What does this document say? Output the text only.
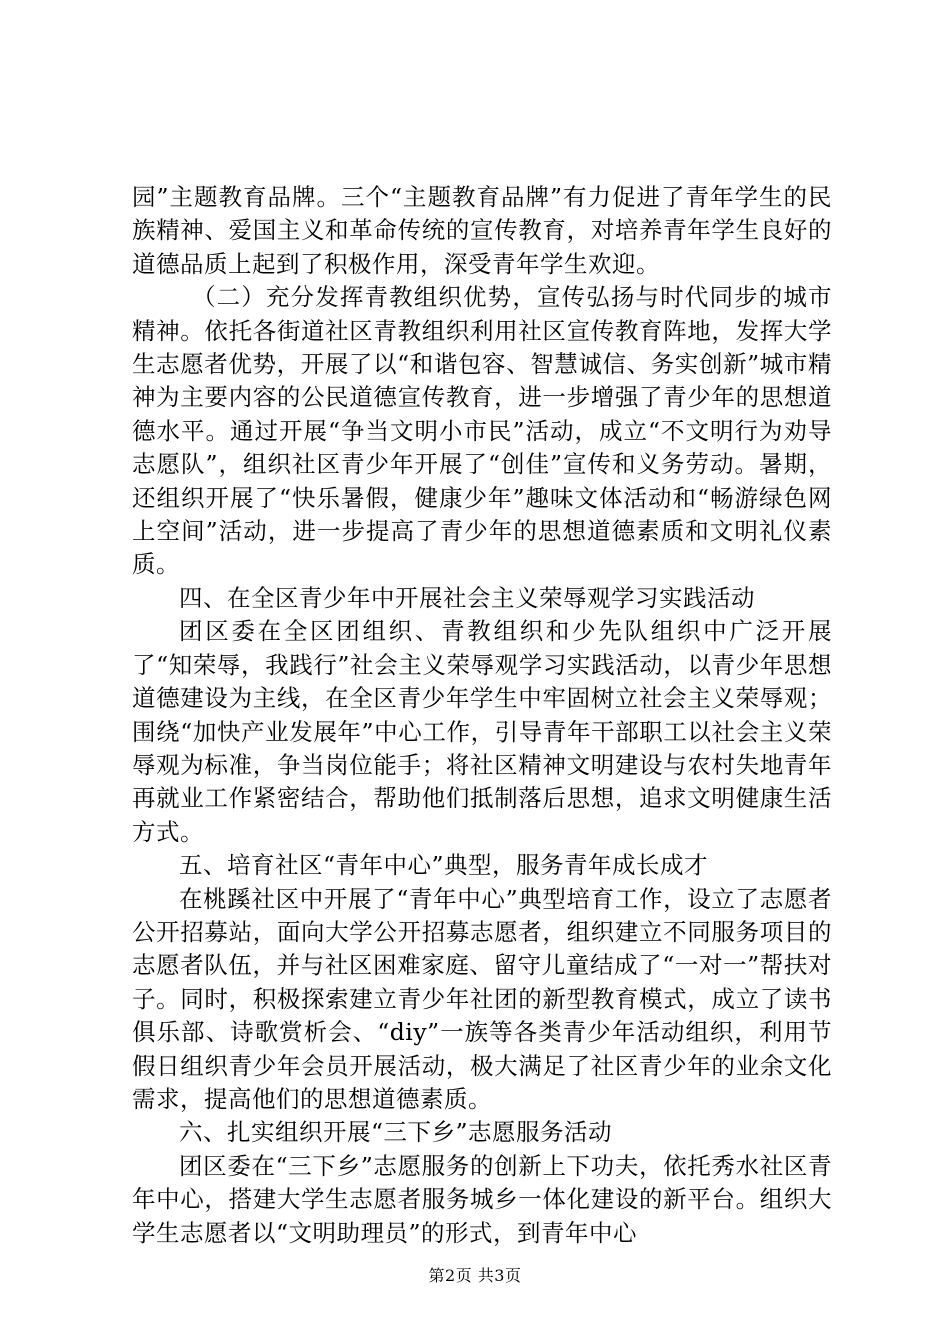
园”主题教育品牌。三个“主题教育品牌”有力促进了青年学生的民族精神、爱国主义和革命传统的宣传教育，对培养青年学生良好的道德品质上起到了积极作用，深受青年学生欢迎。

（二）充分发挥青教组织优势，宣传弘扬与时代同步的城市精神。依托各街道社区青教组织利用社区宣传教育阵地，发挥大学生志愿者优势，开展了以“和谐包容、智慧诚信、务实创新”城市精神为主要内容的公民道德宣传教育，进一步增强了青少年的思想道德水平。通过开展“争当文明小市民”活动，成立“不文明行为劝导志愿队”，组织社区青少年开展了“创佳”宣传和义务劳动。暑期，还组织开展了“快乐暑假，健康少年”趣味文体活动和“畅游绿色网上空间”活动，进一步提高了青少年的思想道德素质和文明礼仪素质。

四、在全区青少年中开展社会主义荣辱观学习实践活动

团区委在全区团组织、青教组织和少先队组织中广泛开展了“知荣辱，我践行”社会主义荣辱观学习实践活动，以青少年思想道德建设为主线，在全区青少年学生中牢固树立社会主义荣辱观；围绕“加快产业发展年”中心工作，引导青年干部职工以社会主义荣辱观为标准，争当岗位能手；将社区精神文明建设与农村失地青年再就业工作紧密结合，帮助他们抵制落后思想，追求文明健康生活方式。

五、培育社区“青年中心”典型，服务青年成长成才

在桃蹊社区中开展了“青年中心”典型培育工作，设立了志愿者公开招募站，面向大学公开招募志愿者，组织建立不同服务项目的志愿者队伍，并与社区困难家庭、留守儿童结成了“一对一”帮扶对子。同时，积极探索建立青少年社团的新型教育模式，成立了读书俱乐部、诗歌赏析会、“diy”一族等各类青少年活动组织，利用节假日组织青少年会员开展活动，极大满足了社区青少年的业余文化需求，提高他们的思想道德素质。

六、扎实组织开展“三下乡”志愿服务活动

团区委在“三下乡”志愿服务的创新上下功夫，依托秀水社区青年中心，搭建大学生志愿者服务城乡一体化建设的新平台。组织大学生志愿者以“文明助理员”的形式，到青年中心

第2页 共3页
